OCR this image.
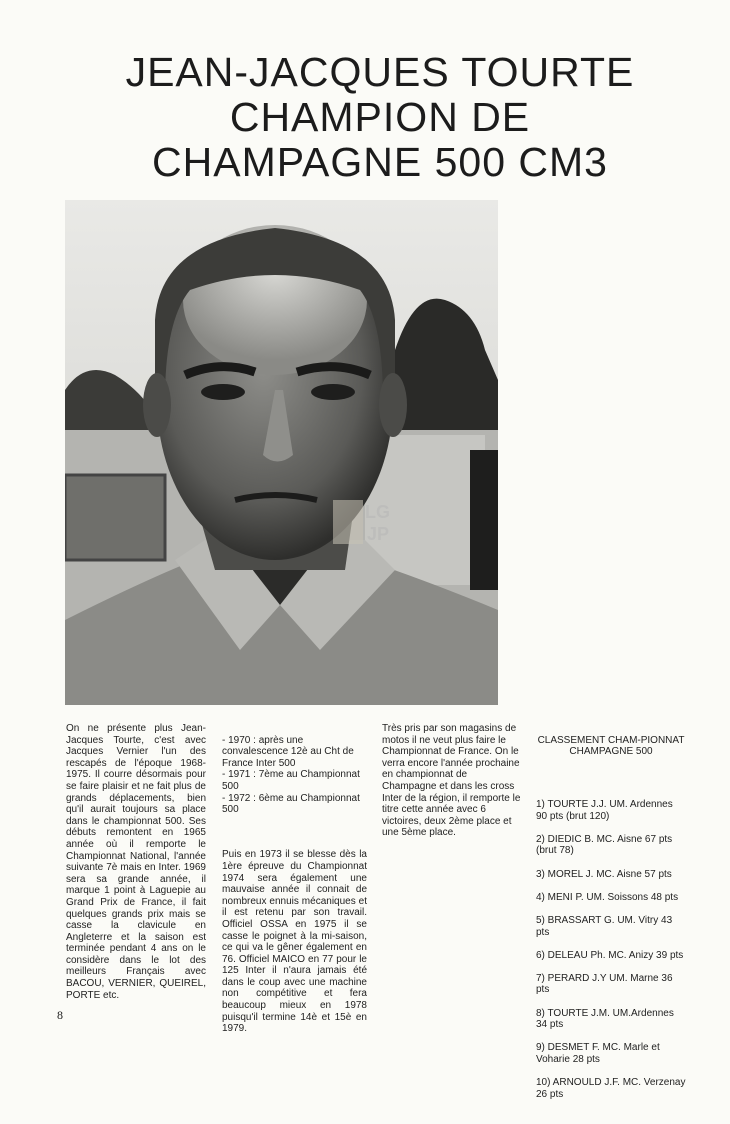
JEAN-JACQUES TOURTE
CHAMPION DE
CHAMPAGNE 500 CM3
LG
JP
On ne présente plus Jean-Jacques Tourte, c'est avec Jacques Vernier l'un des rescapés de l'époque 1968-1975. Il courre désormais pour se faire plaisir et ne fait plus de grands déplacements, bien qu'il aurait toujours sa place dans le championnat 500. Ses débuts remontent en 1965 année où il remporte le Championnat National, l'année suivante 7è mais en Inter. 1969 sera sa grande année, il marque 1 point à Laguepie au Grand Prix de France, il fait quelques grands prix mais se casse la clavicule en Angleterre et la saison est terminée pendant 4 ans on le considère dans le lot des meilleurs Français avec BACOU, VERNIER, QUEIREL, PORTE etc.

- 1970 : après une convalescence 12è au Cht de France Inter 500
- 1971 : 7ème au Championnat 500
- 1972 : 6ème au Championnat 500

Puis en 1973 il se blesse dès la 1ère épreuve du Championnat 1974 sera également une mauvaise année il connait de nombreux ennuis mécaniques et il est retenu par son travail. Officiel OSSA en 1975 il se casse le poignet à la mi-saison, ce qui va le gêner également en 76. Officiel MAICO en 77 pour le 125 Inter il n'aura jamais été dans le coup avec une machine non compétitive et fera beaucoup mieux en 1978 puisqu'il termine 14è et 15è en 1979.

Très pris par son magasins de motos il ne veut plus faire le Championnat de France. On le verra encore l'année prochaine en championnat de Champagne et dans les cross Inter de la région, il remporte le titre cette année avec 6 victoires, deux 2ème place et une 5ème place.

CLASSEMENT CHAM-PIONNAT CHAMPAGNE 500

1) TOURTE J.J. UM. Ardennes 90 pts (brut 120)

2) DIEDIC B. MC. Aisne 67 pts (brut 78)

3) MOREL J. MC. Aisne 57 pts

4) MENI P. UM. Soissons 48 pts

5) BRASSART G. UM. Vitry 43 pts

6) DELEAU Ph. MC. Anizy 39 pts

7) PERARD J.Y UM. Marne 36 pts

8) TOURTE J.M. UM.Ardennes 34 pts

9) DESMET F. MC. Marle et Voharie 28 pts

10) ARNOULD J.F. MC. Verzenay 26 pts

8
